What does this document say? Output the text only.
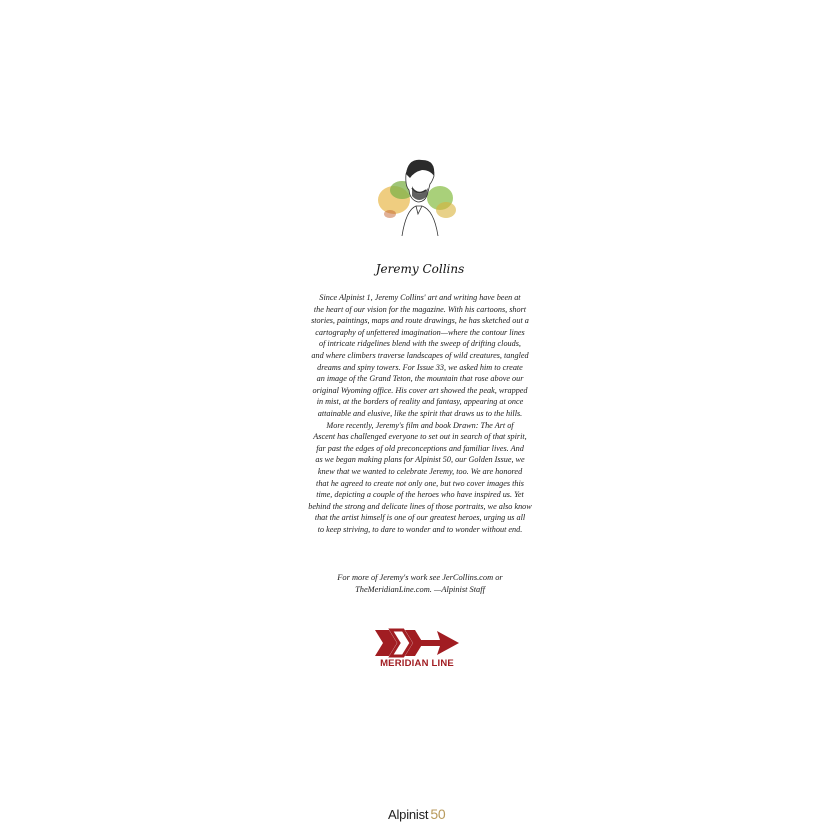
Jeremy Collins

Since Alpinist 1, Jeremy Collins' art and writing have been at

the heart of our vision for the magazine. With his cartoons, short

stories, paintings, maps and route drawings, he has sketched out a

cartography of unfettered imagination—where the contour lines

of intricate ridgelines blend with the sweep of drifting clouds,

and where climbers traverse landscapes of wild creatures, tangled

dreams and spiny towers. For Issue 33, we asked him to create

an image of the Grand Teton, the mountain that rose above our

original Wyoming office. His cover art showed the peak, wrapped

in mist, at the borders of reality and fantasy, appearing at once

attainable and elusive, like the spirit that draws us to the hills.

More recently, Jeremy's film and book Drawn: The Art of

Ascent has challenged everyone to set out in search of that spirit,

far past the edges of old preconceptions and familiar lives. And

as we began making plans for Alpinist 50, our Golden Issue, we

knew that we wanted to celebrate Jeremy, too. We are honored

that he agreed to create not only one, but two cover images this

time, depicting a couple of the heroes who have inspired us. Yet

behind the strong and delicate lines of those portraits, we also know

that the artist himself is one of our greatest heroes, urging us all

to keep striving, to dare to wonder and to wonder without end.

For more of Jeremy's work see JerCollins.com or

TheMeridianLine.com. —Alpinist Staff

MERIDIAN LINE
Alpinist 50
